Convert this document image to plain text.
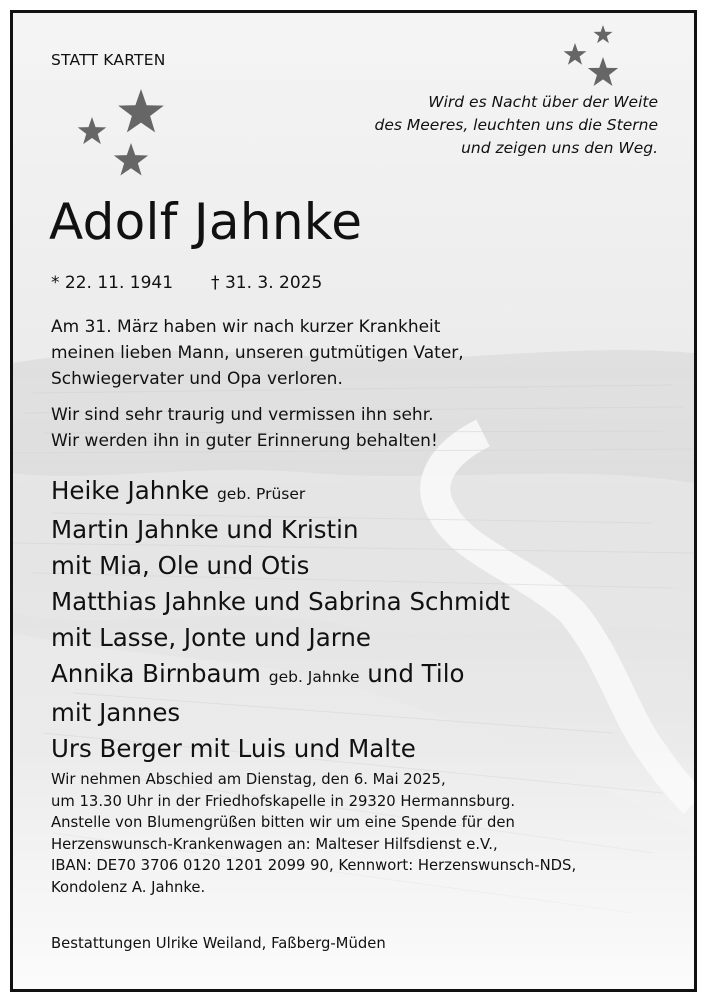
STATT KARTEN
Wird es Nacht über der Weite
des Meeres, leuchten uns die Sterne
und zeigen uns den Weg.
Adolf Jahnke
* 22. 11. 1941 † 31. 3. 2025
Am 31. März haben wir nach kurzer Krankheit
meinen lieben Mann, unseren gutmütigen Vater,
Schwiegervater und Opa verloren.
Wir sind sehr traurig und vermissen ihn sehr.
Wir werden ihn in guter Erinnerung behalten!
Heike Jahnke geb. Prüser
Martin Jahnke und Kristin
mit Mia, Ole und Otis
Matthias Jahnke und Sabrina Schmidt
mit Lasse, Jonte und Jarne
Annika Birnbaum geb. Jahnke und Tilo
mit Jannes
Urs Berger mit Luis und Malte
Wir nehmen Abschied am Dienstag, den 6. Mai 2025,
um 13.30 Uhr in der Friedhofskapelle in 29320 Hermannsburg.
Anstelle von Blumengrüßen bitten wir um eine Spende für den
Herzenswunsch-Krankenwagen an: Malteser Hilfsdienst e.V.,
IBAN: DE70 3706 0120 1201 2099 90, Kennwort: Herzenswunsch-NDS,
Kondolenz A. Jahnke.
Bestattungen Ulrike Weiland, Faßberg-Müden
